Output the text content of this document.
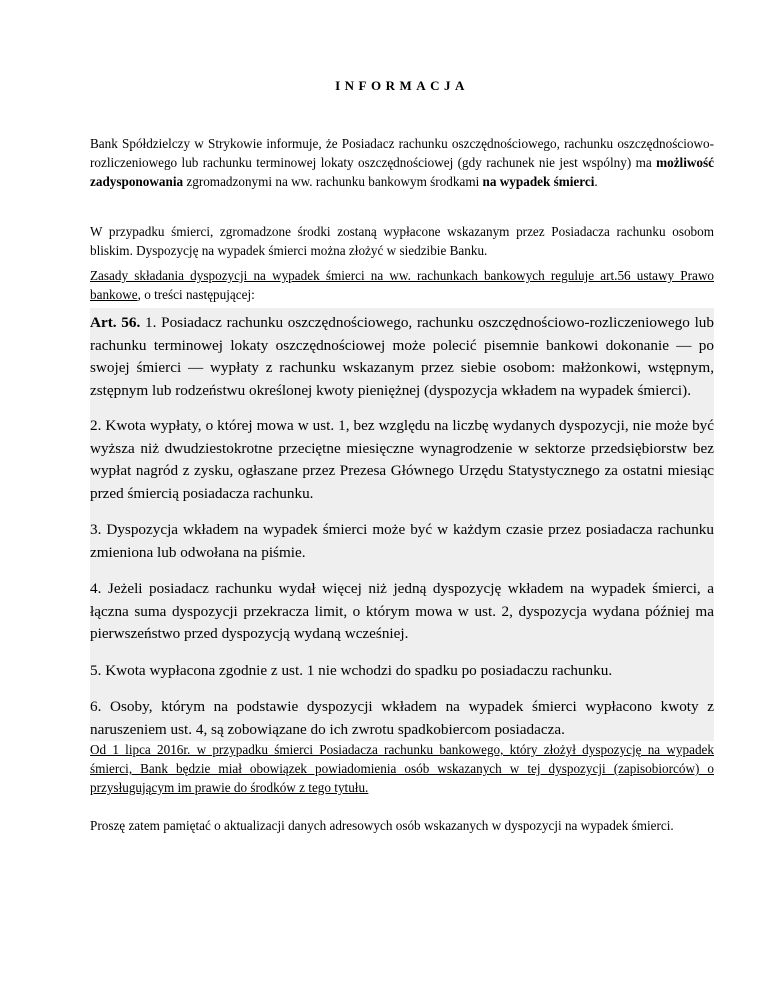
INFORMACJA

Bank Spółdzielczy w Strykowie informuje, że Posiadacz rachunku oszczędnościowego, rachunku oszczędnościowo-rozliczeniowego lub rachunku terminowej lokaty oszczędnościowej (gdy rachunek nie jest wspólny) ma możliwość zadysponowania zgromadzonymi na ww. rachunku bankowym środkami na wypadek śmierci.

W przypadku śmierci, zgromadzone środki zostaną wypłacone wskazanym przez Posiadacza rachunku osobom bliskim. Dyspozycję na wypadek śmierci można złożyć w siedzibie Banku.

Zasady składania dyspozycji na wypadek śmierci na ww. rachunkach bankowych reguluje art.56 ustawy Prawo bankowe, o treści następującej:

Art. 56. 1. Posiadacz rachunku oszczędnościowego, rachunku oszczędnościowo-rozliczeniowego lub rachunku terminowej lokaty oszczędnościowej może polecić pisemnie bankowi dokonanie — po swojej śmierci — wypłaty z rachunku wskazanym przez siebie osobom: małżonkowi, wstępnym, zstępnym lub rodzeństwu określonej kwoty pieniężnej (dyspozycja wkładem na wypadek śmierci).

2. Kwota wypłaty, o której mowa w ust. 1, bez względu na liczbę wydanych dyspozycji, nie może być wyższa niż dwudziestokrotne przeciętne miesięczne wynagrodzenie w sektorze przedsiębiorstw bez wypłat nagród z zysku, ogłaszane przez Prezesa Głównego Urzędu Statystycznego za ostatni miesiąc przed śmiercią posiadacza rachunku.

3. Dyspozycja wkładem na wypadek śmierci może być w każdym czasie przez posiadacza rachunku zmieniona lub odwołana na piśmie.

4. Jeżeli posiadacz rachunku wydał więcej niż jedną dyspozycję wkładem na wypadek śmierci, a łączna suma dyspozycji przekracza limit, o którym mowa w ust. 2, dyspozycja wydana później ma pierwszeństwo przed dyspozycją wydaną wcześniej.

5. Kwota wypłacona zgodnie z ust. 1 nie wchodzi do spadku po posiadaczu rachunku.

6. Osoby, którym na podstawie dyspozycji wkładem na wypadek śmierci wypłacono kwoty z naruszeniem ust. 4, są zobowiązane do ich zwrotu spadkobiercom posiadacza.

Od 1 lipca 2016r. w przypadku śmierci Posiadacza rachunku bankowego, który złożył dyspozycję na wypadek śmierci, Bank będzie miał obowiązek powiadomienia osób wskazanych w tej dyspozycji (zapisobiorców) o przysługującym im prawie do środków z tego tytułu.

Proszę zatem pamiętać o aktualizacji danych adresowych osób wskazanych w dyspozycji na wypadek śmierci.
